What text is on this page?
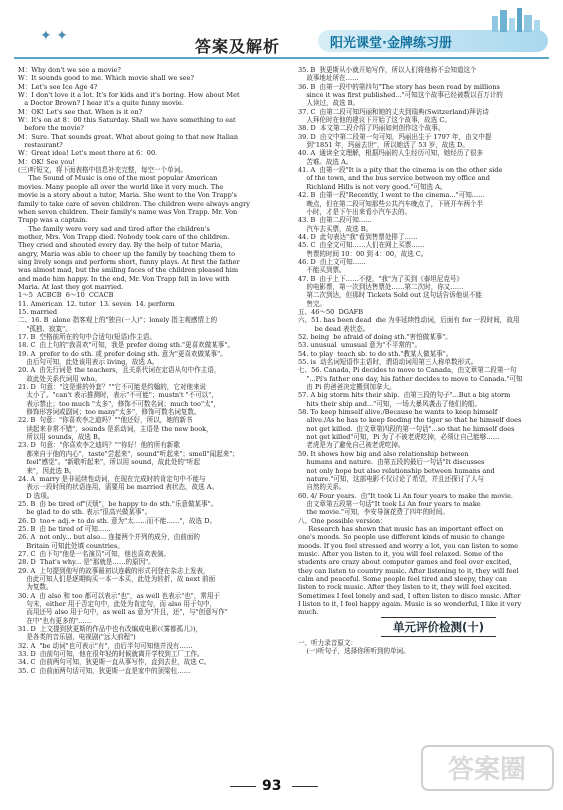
✦ ✦
答案及解析	阳光课堂·金牌练习册
M：Why don't we see a movie?
W：It sounds good to me. Which movie shall we see?
M：Let's see Ice Age 4?
W：I don't love it a lot. It's for kids and it's boring. How about Met
a Doctor Brown? I hear it's a quite funny movie.
M：OK! Let's see that. When is it on?
W：It's on at 8：00 this Saturday. Shall we have something to eat
before the movie?
M：Sure. That sounds great. What about going to that new Italian
restaurant?
W：Great idea! Let's meet there at 6：00.
M：OK! See you!
(三)听短文，将下面表格中信息补充完整，每空一个单词。
The Sound of Music is one of the most popular American
movies. Many people all over the world like it very much. The
movie is a story about a tutor, Maria. She went to the Von Trapp's
family to take care of seven children. The children were always angry
when seven children. Their family's name was Von Trapp. Mr. Von
Trapp was a captain.
The family were very sad and tired after the children's
mother, Mrs. Von Trapp died. Nobody took care of the children.
They cried and shouted every day. By the help of tutor Maria,
angry, Maria was able to cheer up the family by teaching them to
sing lively songs and perform short, funny plays. At first the father
was almost mad, but the smiling faces of the children pleased him
and made him happy. In the end, Mr. Von Trapp fell in love with
Maria. At last they got married.
1～5  ACBCB  6～10  CCACB
11. American  12. tutor  13. seven  14. perform
15. married
二、16. B  alone 指客观上的"独自(一人)"；lonely 指主观感情上的
"孤独、寂寞"。
17. B  空格前所在的句中合适句(短语)作主语。
18. C  由上句的"我喜欢"可知，我是 prefer doing sth."更喜欢做某事"。
19. A  prefer to do sth. 或 prefer doing sth. 意为"更喜欢做某事"。
由后句可知，此处该用表示 living，故选 A。
20. A  由先行词是 the teachers，且关系代词在定语从句中作主语，
故此处关系代词用 who。
21. D  句意："这是谁的外套？""它不可能是约翰的，它对他来说
太小了。"can't 表示推测时，表示"不可能"；mustn't "不可以"，
表示禁止；too much "太多"，修饰不可数名词；much too"太"，
修饰形容词或副词；too many"太多"，修饰可数名词复数。
22. B  句意："你喜欢李之迪吗？""他还好，所以，她的新书
读起来非常不错"，sounds 是系动词，主语是 the new book，
所以用 sounds，故选 B。
23. D  句意："你喜欢李之迪吗？""你好！他的所有新歌
都来自于他的内心"，taste"尝起来"，sound"听起来"；smell"闻起来"；
feel"感觉"。"新歌听起来"，所以用 sound，故此处的"听起
来"，因此选 B。
24. A  marry 是非延续性动词，在现在完成时的肯定句中不能与
表示一段时间的状语连用，需要用 be married 表状态，故选 A。
D 选项。
25. B  由 be tired of"厌烦"，be happy to do sth."乐意做某事"。
be glad to do sth. 表示"很高兴做某事"。
26. D  too+ adj.+ to do sth. 意为"太……而不能……"，故选 D。
25. B  由 be tired of 可知……
26. A  not only... but also... 连接两个并列的成分，由前面的
Britain 可知此处填 countries。
27. C  由下句"他是一名演员"可知，他也喜欢表演。
28. D  That's why... 是"那就是……的原因"。
29. A  上句提到他写的故事最初以连载的形式刊登在杂志上发表，
由此可知人们是逐期购买一本一本买，此处为转折，故 next 前面
为复数。
30. A  由 also 和 too 都可以表示"也"，as well 也表示"也"，常用于
句末，either 用于否定句中，此处为肯定句，而 also 用于句中，
而用还号 also 用于句中，as well as 意为"并且，还"，与"创意写作"
在中"也有更多的"……
31. D  上文提到狄更斯的作品中也有改编成电影(《雾都孤儿》)，
是各类的音乐剧，电视剧("远大前程")
32. A  "be 动词"也可表示"有"，由后半句可知他并没有……
33. D  由前句可知，他在很年轻的时候就离开学校到工厂工作。
34. C  由前两句可知，狄更斯一直从事写作，直到去世，故选 C。
35. C  由前面两句话可知，狄更斯一直是家中的顶梁柱……
35. B  狄更斯从小就开始写作，所以人们将他称不会知道这个
故事地址所在……
36. B  由第一段中的第四句"The story has been read by millions
since it was first published..."可知这个故事已经被数以百万计的
人读过，故选 B。
37. C  由第二段可知玛丽和她的丈夫到瑞典(Switzerland)拜访诗
人拜伦时在他的建议下开始了这个故事，故选 C。
38. D  本文第二段介绍了玛丽如何创作这个故事。
39. D  由文中第二段第一句可知，玛丽出生于 1797 年，由文中提
到"1851 年，玛丽去世"，所以她活了 53 岁，故选 D。
40. A  通读全文理解，根据玛丽的人生经历可知，她经历了很多
苦难。故选 A。
41. A  由第一段"It is a pity that the cinema is on the other side
of the town, and the bus service between my office and
Richland Hills is not very good."可知选 A。
42. B  由第一段"Recently, I went to the cinema..."可知……
晚点，但在第二段可知那些公共汽车晚点了，下班开车两个半
小时，才是下午出来看小汽车去的。
43. B  由第二段可知……
汽车去买票，故选 B。
44. D  此句表达"我"看到售票处排了……
45. C  由全文可知……人们在网上买票……
售票的时间 10：00 到 4：00，故选 C。
46. D  由上文可知……
不能买到票。
47. B  由于上下……不便，"我"为了买到《泰坦尼克号》
的电影票，第一次到达售票处……第二次时，你又……
第二次到达，但那时 Tickets Sold out 这句话告诉他说不能
售完。
五、46～50  DGAFB
六、51. has been dead  die 为非延续性动词，后面有 for 一段时间，故用
be dead 表状态。
52. being  be afraid of doing sth."害怕做某事"。
53. unusual  unusual 意为"不平常的"。
54. to play  teach sb. to do sth."教某人做某事"。
55. is  动名词短语作主语时，谓语动词用第三人称单数形式。
七、56. Canada, Pi decides to move to Canada，由文章第二段第一句
"...Pi's father one day, his father decides to move to Canada."可知
由 Pi 的爸爸决定搬到加拿大。
57. A big storm hits their ship.  由第三段的句子"...But a big storm
hits their ship and..."可知，一场大暴风袭击了他们的船。
58. To keep himself alive./Because he wants to keep himself
alive./As he has to keep feeding the tiger so that he himself does
not get killed.  由文章第四段的第一句话"...so that he himself does
not get killed"可知，Pi 为了不被老虎吃掉，必须让自己能够……
老虎是为了避免自己被老虎吃掉。
59. It shows how big and also relationship between
humans and nature.  由第五段的最后一句话"It discusses
not only hope but also relationship between humans and
nature."可知，这部电影不仅讨论了希望，并且还探讨了人与
自然的关系。
60. 4/ Four years.  由"It took Li An four years to make the movie.
由文章第五段第一句话"It took Li An four years to make
the movie."可知，李安导演花费了四年的时间。
八、One possible version：
Research has shown that music has an important effect on
one's moods. So people use different kinds of music to change
moods. If you feel stressed and worry a lot, you can listen to some
music. After you listen to it, you will feel relaxed. Some of the
students are crazy about computer games and feel over excited,
they can listen to country music. After listening to it, they will feel
calm and peaceful. Some people feel tired and sleepy, they can
listen to rock music. After they listen to it, they will feel excited.
Sometimes I feel lonely and sad, I often listen to disco music. After
I listen to it, I feel happy again. Music is so wonderful, I like it very
much.
单元评价检测(十)
一、听力录音原文：
(一)听句子，选择你所听到的单词。
93
答案圈
